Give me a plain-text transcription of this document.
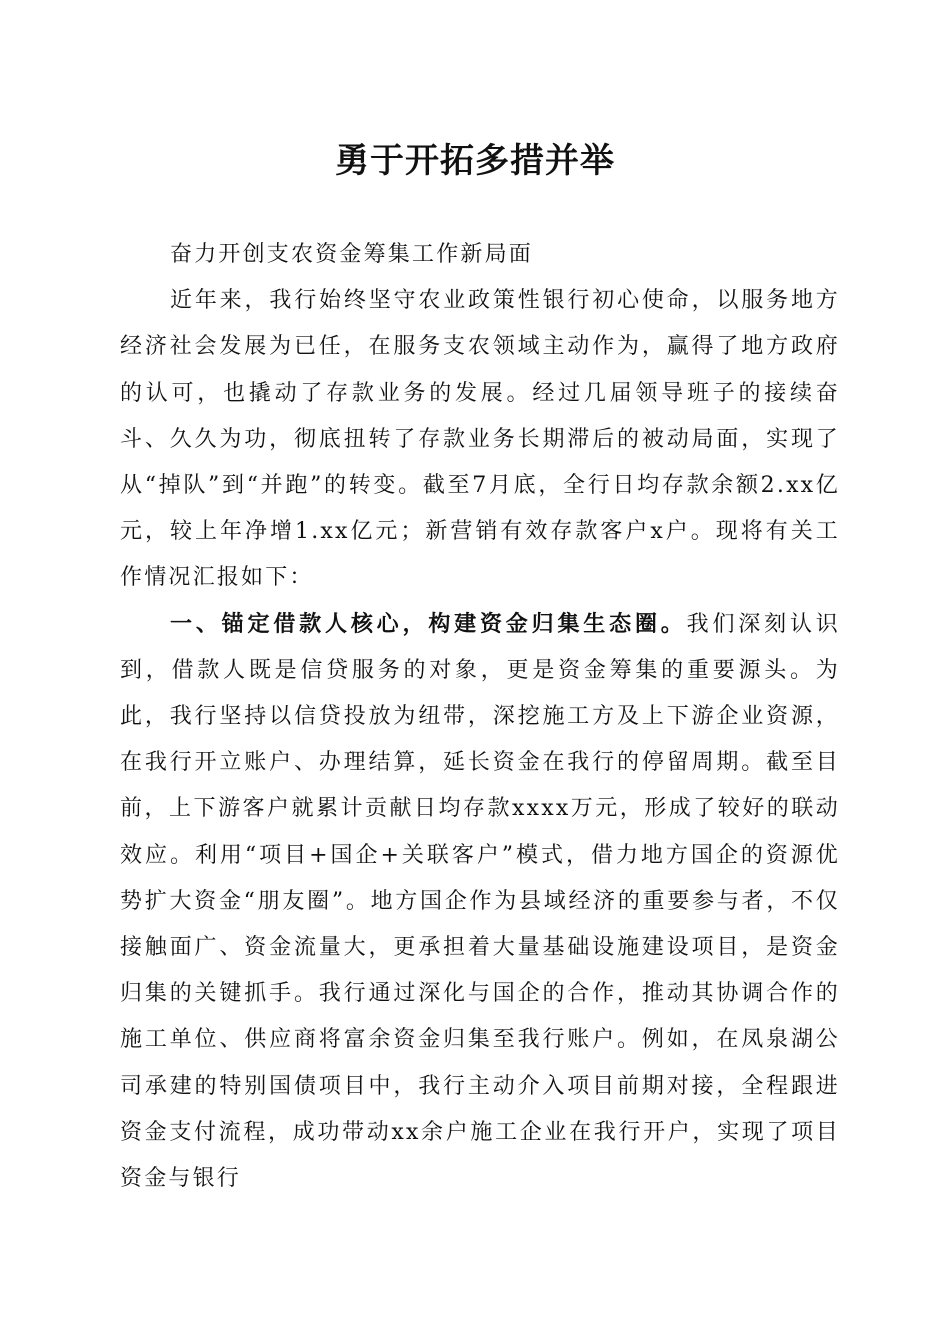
勇于开拓多措并举

奋力开创支农资金筹集工作新局面

近年来，我行始终坚守农业政策性银行初心使命，以服务地方经济社会发展为已任，在服务支农领域主动作为，赢得了地方政府的认可，也撬动了存款业务的发展。经过几届领导班子的接续奋斗、久久为功，彻底扭转了存款业务长期滞后的被动局面，实现了从“掉队”到“并跑”的转变。截至7月底，全行日均存款余额2.xx亿元，较上年净增1.xx亿元；新营销有效存款客户x户。现将有关工作情况汇报如下：

一、锚定借款人核心，构建资金归集生态圈。我们深刻认识到，借款人既是信贷服务的对象，更是资金筹集的重要源头。为此，我行坚持以信贷投放为纽带，深挖施工方及上下游企业资源，在我行开立账户、办理结算，延长资金在我行的停留周期。截至目前，上下游客户就累计贡献日均存款xxxx万元，形成了较好的联动效应。利用“项目+国企+关联客户”模式，借力地方国企的资源优势扩大资金“朋友圈”。地方国企作为县域经济的重要参与者，不仅接触面广、资金流量大，更承担着大量基础设施建设项目，是资金归集的关键抓手。我行通过深化与国企的合作，推动其协调合作的施工单位、供应商将富余资金归集至我行账户。例如，在凤泉湖公司承建的特别国债项目中，我行主动介入项目前期对接，全程跟进资金支付流程，成功带动xx余户施工企业在我行开户，实现了项目资金与银行
